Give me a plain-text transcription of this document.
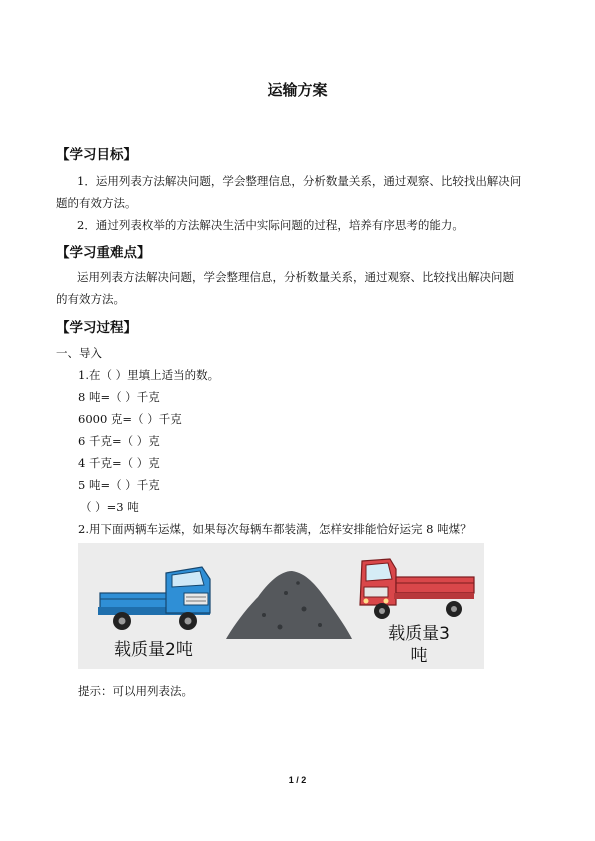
运输方案
【学习目标】
1．运用列表方法解决问题，学会整理信息，分析数量关系，通过观察、比较找出解决问
题的有效方法。
2．通过列表枚举的方法解决生活中实际问题的过程，培养有序思考的能力。
【学习重难点】
运用列表方法解决问题，学会整理信息，分析数量关系，通过观察、比较找出解决问题
的有效方法。
【学习过程】
一、导入
1.在（ ）里填上适当的数。
8 吨=（ ）千克
6000 克=（ ）千克
6 千克=（ ）克
4 千克=（ ）克
5 吨=（ ）千克
（ ）=3 吨
2.用下面两辆车运煤，如果每次每辆车都装满，怎样安排能恰好运完 8 吨煤？
载质量2吨
载质量3
吨
提示：可以用列表法。
1 / 2
